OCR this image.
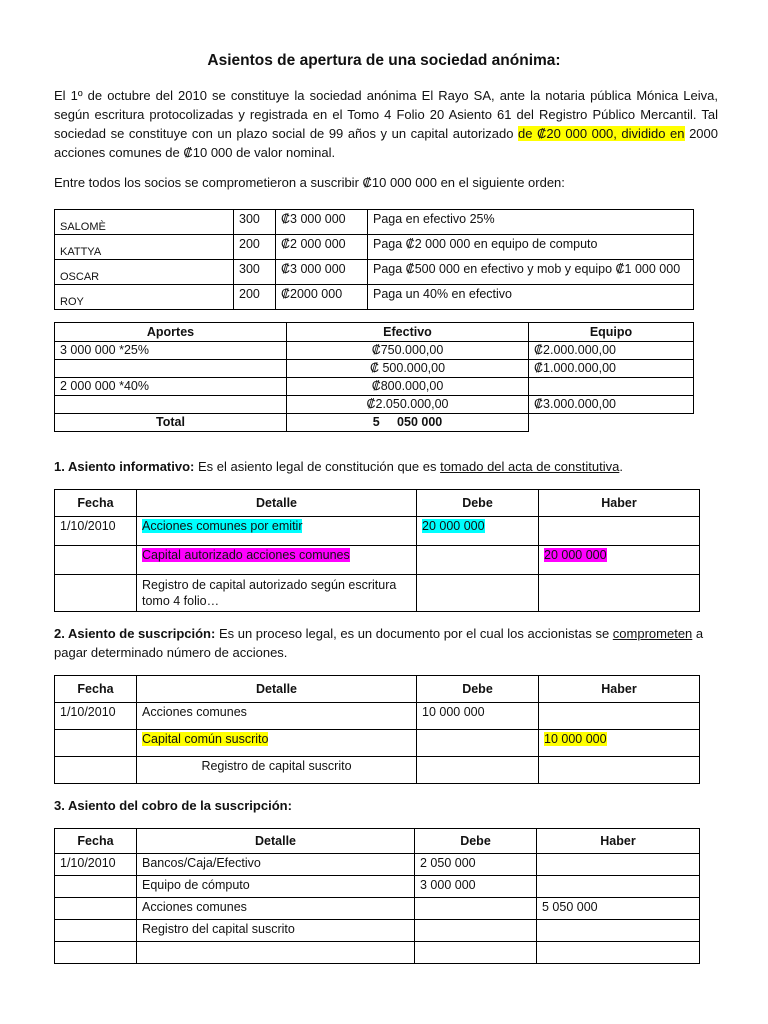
Asientos de apertura de una sociedad anónima:

El 1º de octubre del 2010 se constituye la sociedad anónima El Rayo SA, ante la notaria pública Mónica Leiva, según escritura protocolizadas y registrada en el Tomo 4 Folio 20 Asiento 61 del Registro Público Mercantil. Tal sociedad se constituye con un plazo social de 99 años y un capital autorizado de ₡20 000 000, dividido en 2000 acciones comunes de ₡10 000 de valor nominal.

Entre todos los socios se comprometieron a suscribir ₡10 000 000 en el siguiente orden:

SALOMÈ	300	₡3 000 000	Paga en efectivo 25%
KATTYA	200	₡2 000 000	Paga ₡2 000 000 en equipo de computo
OSCAR	300	₡3 000 000	Paga ₡500 000 en efectivo y mob y equipo ₡1 000 000
ROY	200	₡2000 000	Paga un 40% en efectivo
Aportes	Efectivo	Equipo
3 000 000 *25%	₡750.000,00	₡2.000.000,00
	₡ 500.000,00	₡1.000.000,00
2 000 000 *40%	₡800.000,00	
	₡2.050.000,00	₡3.000.000,00
Total	5     050 000	

1. Asiento informativo: Es el asiento legal de constitución que es tomado del acta de constitutiva.

Fecha	Detalle	Debe	Haber
1/10/2010	Acciones comunes por emitir	20 000 000	
	Capital autorizado acciones comunes		20 000 000
	Registro de capital autorizado según escritura tomo 4 folio…		

2. Asiento de suscripción: Es un proceso legal, es un documento por el cual los accionistas se comprometen a pagar determinado número de acciones.

Fecha	Detalle	Debe	Haber
1/10/2010	Acciones comunes	10 000 000	
	Capital común suscrito		10 000 000
	Registro de capital suscrito		

3. Asiento del cobro de la suscripción:

Fecha	Detalle	Debe	Haber
1/10/2010	Bancos/Caja/Efectivo	2 050 000	
	Equipo de cómputo	3 000 000	
	Acciones comunes		5 050 000
	Registro del capital suscrito		
